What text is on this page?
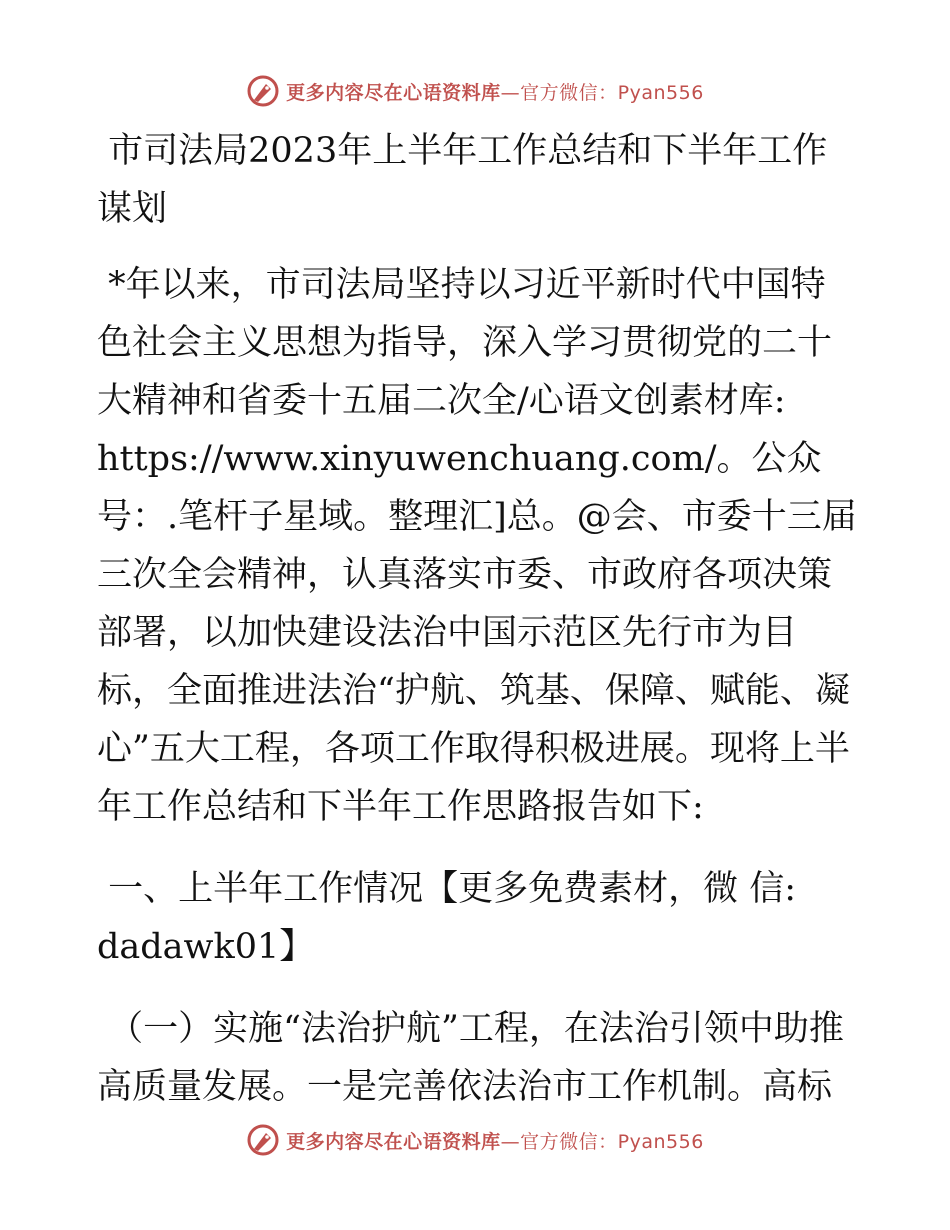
更多内容尽在心语资料库 —官方微信：Pyan556

市司法局2023年上半年工作总结和下半年工作谋划

*年以来，市司法局坚持以习近平新时代中国特色社会主义思想为指导，深入学习贯彻党的二十大精神和省委十五届二次全/心语文创素材库: https://www.xinyuwenchuang.com/。公众号：.笔杆子星域。整理汇]总。@会、市委十三届三次全会精神，认真落实市委、市政府各项决策部署，以加快建设法治中国示范区先行市为目标，全面推进法治“护航、筑基、保障、赋能、凝心”五大工程，各项工作取得积极进展。现将上半年工作总结和下半年工作思路报告如下:

一、上半年工作情况【更多免费素材，微 信: dadawk01】

（一）实施“法治护航”工程，在法治引领中助推高质量发展。一是完善依法治市工作机制。高标

更多内容尽在心语资料库 —官方微信：Pyan556
